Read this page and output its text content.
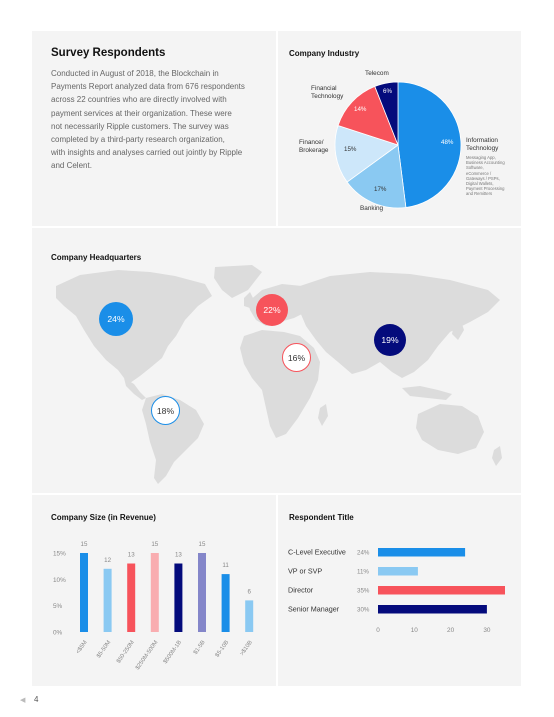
Survey Respondents
Conducted in August of 2018, the Blockchain in
Payments Report analyzed data from 676 respondents
across 22 countries who are directly involved with
payment services at their organization. These were
not necessarily Ripple customers. The survey was
completed by a third-party research organization,
with insights and analyses carried out jointly by Ripple
and Celent.
Company Industry
Telecom
Financial
Technology
Finance/
Brokerage
Banking
Information
Technology
Messaging App,
Business Accounting
Software,
eCommerce /
Gateways / PSPs,
Digital Wallets,
Payment Processing
and Remitters
48%
17%
15%
14%
6%
Company Headquarters
24%
22%
19%
16%
18%
Company Size (in Revenue)
0%
5%
10%
15%
15
<$5M
12
$5-50M
13
$50-250M
15
$250M-500M
13
$500M-1B
15
$1-5B
11
$5-10B
6
>$10B
Respondent Title
C-Level Executive 24%
VP or SVP	11%
Director	35%
Senior Manager	30%
0	10	20	30
◀ 4
